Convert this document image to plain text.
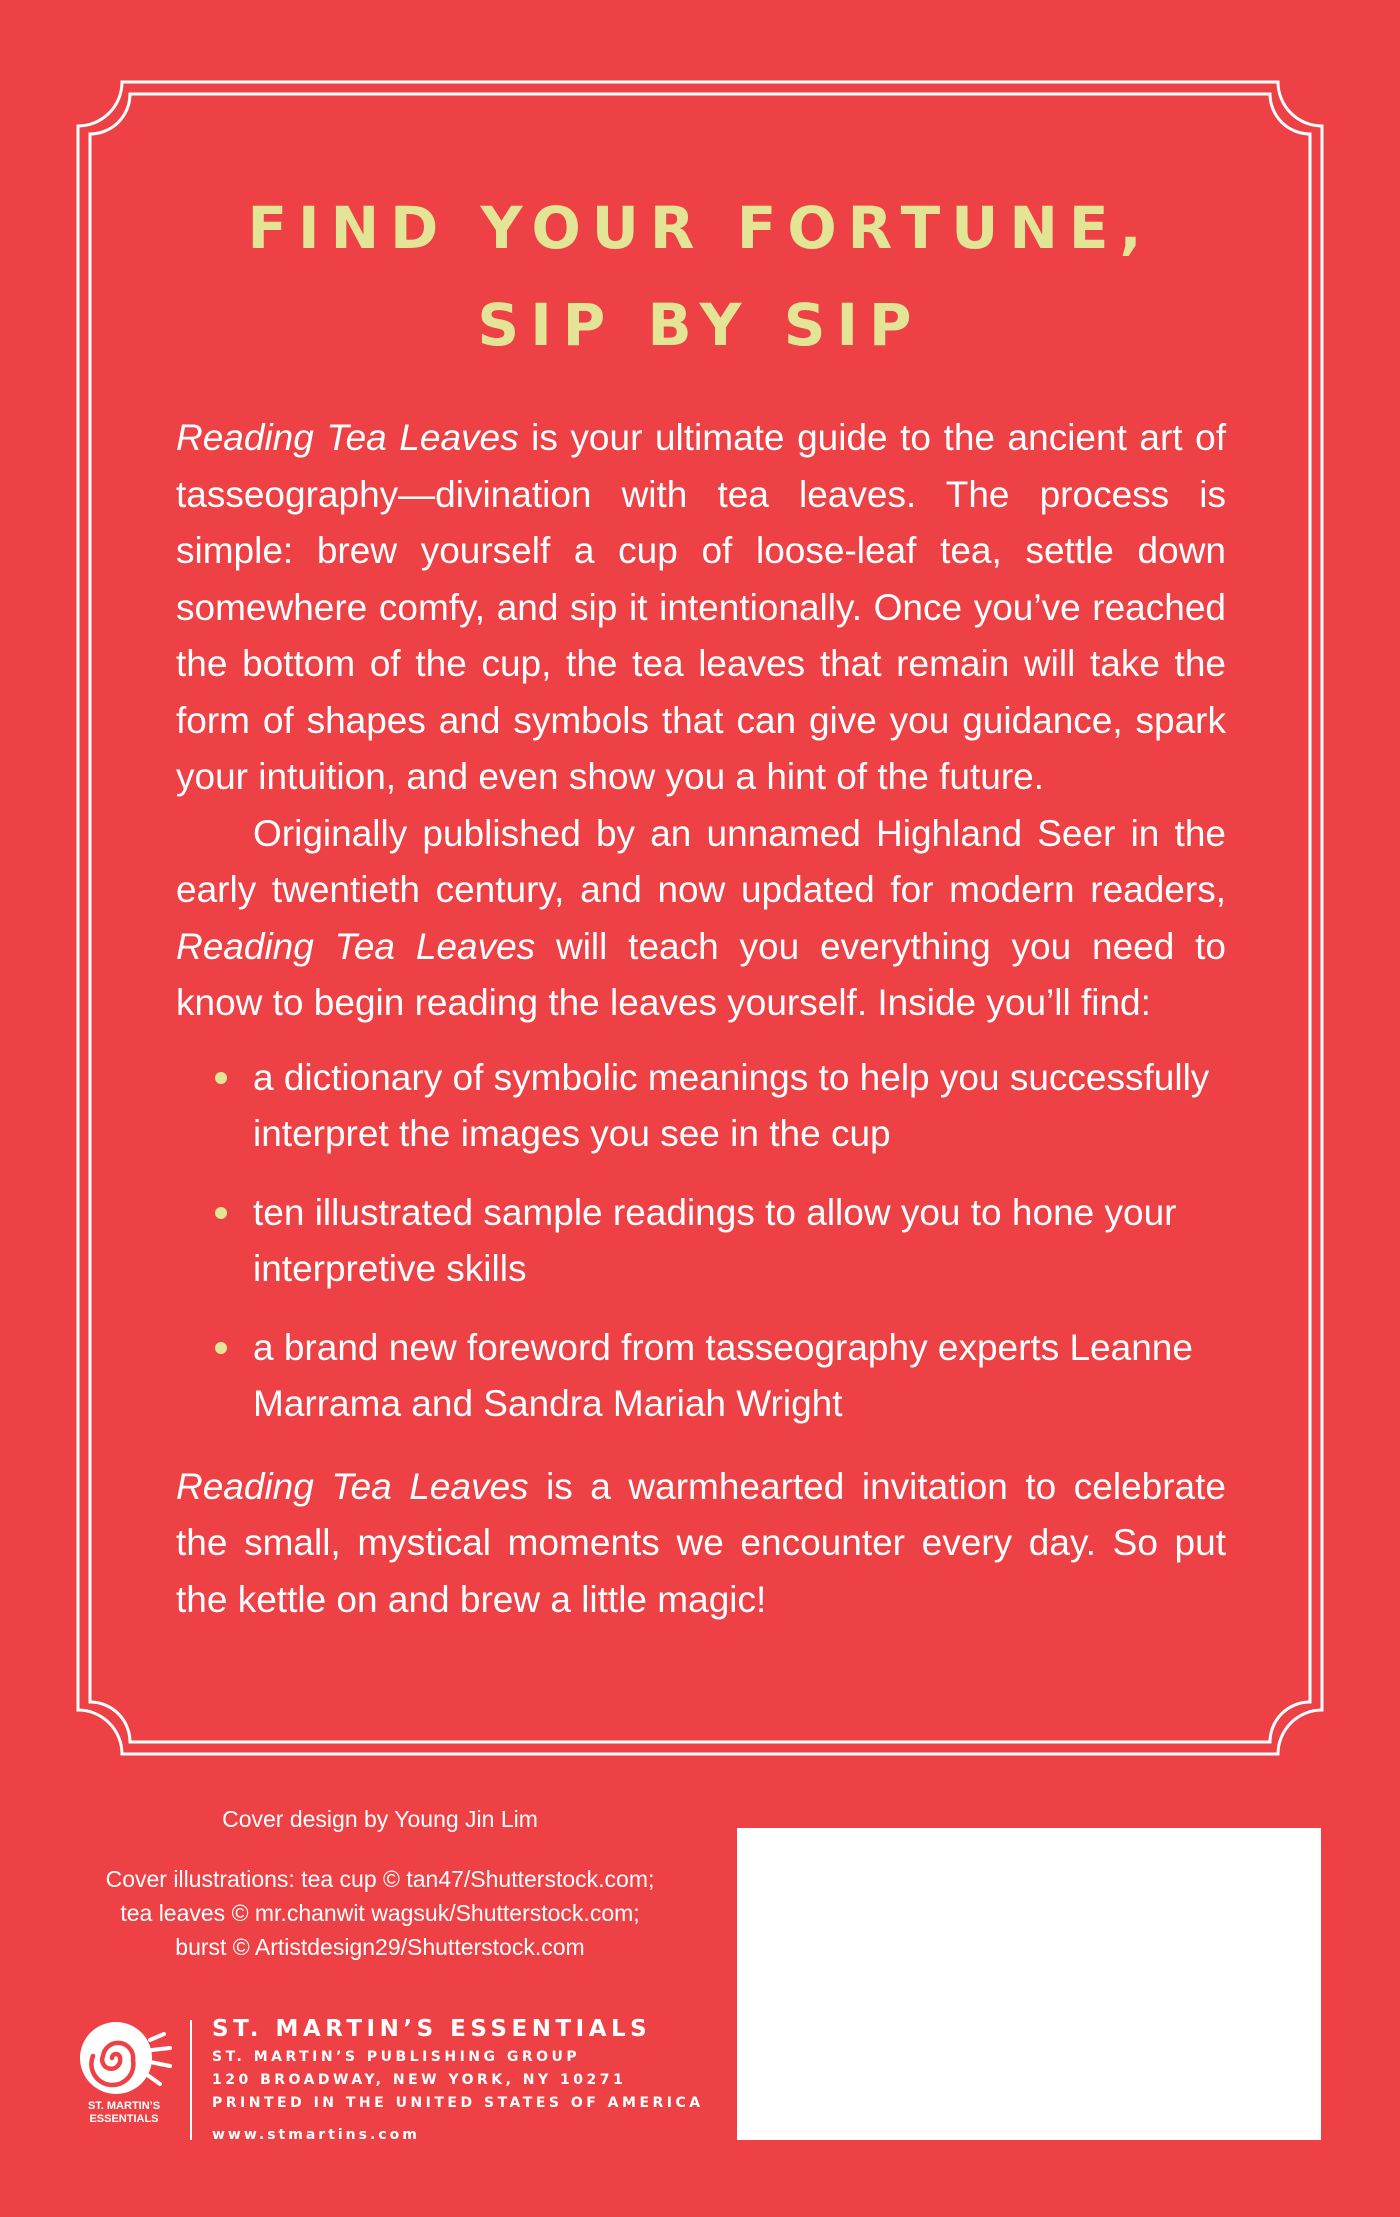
FIND YOUR FORTUNE,
SIP BY SIP

Reading Tea Leaves is your ultimate guide to the ancient art of tasseography—divination with tea leaves. The process is simple: brew yourself a cup of loose-leaf tea, settle down somewhere comfy, and sip it intentionally. Once you’ve reached the bottom of the cup, the tea leaves that remain will take the form of shapes and symbols that can give you guidance, spark your intuition, and even show you a hint of the future.

Originally published by an unnamed Highland Seer in the early twentieth century, and now updated for modern readers, Reading Tea Leaves will teach you everything you need to know to begin reading the leaves yourself. Inside you’ll find:

a dictionary of symbolic meanings to help you successfully interpret the images you see in the cup
ten illustrated sample readings to allow you to hone your interpretive skills
a brand new foreword from tasseography experts Leanne Marrama and Sandra Mariah Wright

Reading Tea Leaves is a warmhearted invitation to celebrate the small, mystical moments we encounter every day. So put the kettle on and brew a little magic!

Cover design by Young Jin Lim
Cover illustrations: tea cup © tan47/Shutterstock.com;
tea leaves © mr.chanwit wagsuk/Shutterstock.com;
burst © Artistdesign29/Shutterstock.com
ST. MARTIN’S
ESSENTIALS
ST. MARTIN’S ESSENTIALS
ST. MARTIN’S PUBLISHING GROUP
120 BROADWAY, NEW YORK, NY 10271
PRINTED IN THE UNITED STATES OF AMERICA
www.stmartins.com
